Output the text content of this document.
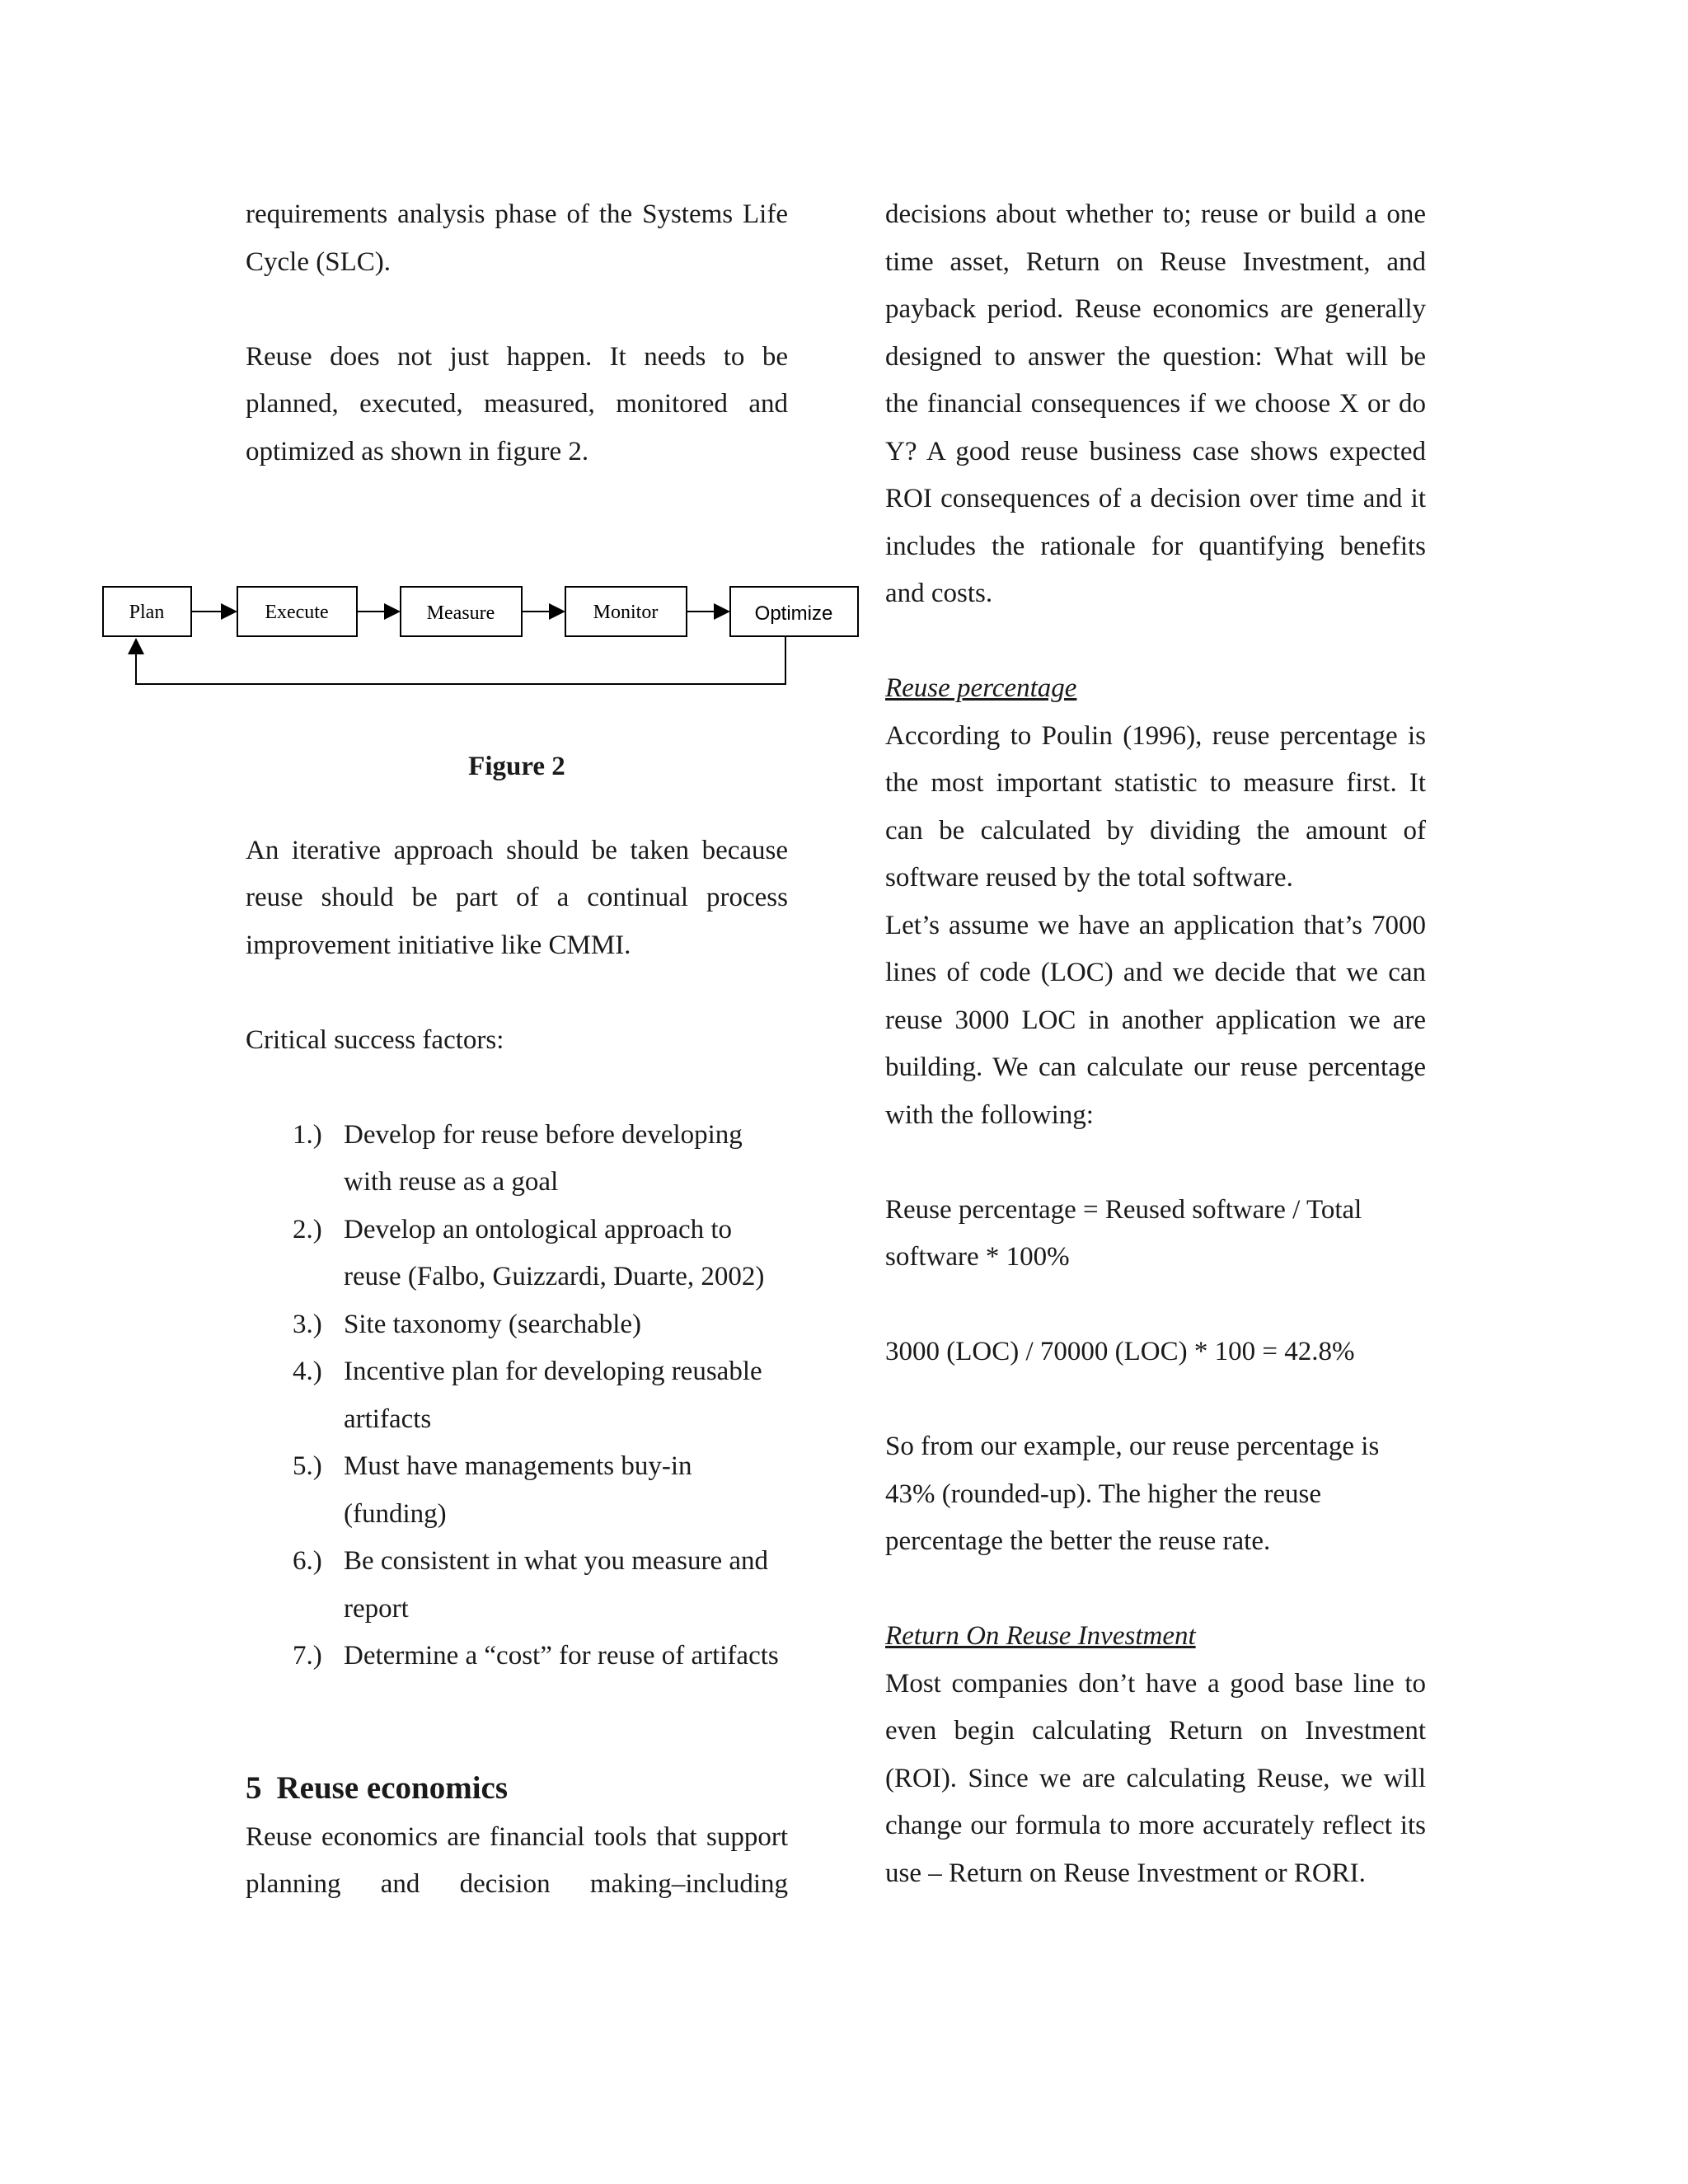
requirements analysis phase of the Systems Life Cycle (SLC).

Reuse does not just happen. It needs to be planned, executed, measured, monitored and optimized as shown in figure 2.

Figure 2

An iterative approach should be taken because reuse should be part of a continual process improvement initiative like CMMI.

Critical success factors:

1.) Develop for reuse before developing with reuse as a goal
2.) Develop an ontological approach to reuse (Falbo, Guizzardi, Duarte, 2002)
3.) Site taxonomy (searchable)
4.) Incentive plan for developing reusable artifacts
5.) Must have managements buy-in (funding)
6.) Be consistent in what you measure and report
7.) Determine a “cost” for reuse of artifacts
5 Reuse economics

Reuse economics are financial tools that support planning and decision making–including

Plan	Execute	Measure	Monitor	Optimize

decisions about whether to; reuse or build a one time asset, Return on Reuse Investment, and payback period. Reuse economics are generally designed to answer the question: What will be the financial consequences if we choose X or do Y? A good reuse business case shows expected ROI consequences of a decision over time and it includes the rationale for quantifying benefits and costs.

Reuse percentage

According to Poulin (1996), reuse percentage is the most important statistic to measure first. It can be calculated by dividing the amount of software reused by the total software.

Let’s assume we have an application that’s 7000 lines of code (LOC) and we decide that we can reuse 3000 LOC in another application we are building. We can calculate our reuse percentage with the following:

Reuse percentage = Reused software / Total software * 100%

3000 (LOC) / 70000 (LOC) * 100 = 42.8%

So from our example, our reuse percentage is 43% (rounded-up). The higher the reuse percentage the better the reuse rate.

Return On Reuse Investment

Most companies don’t have a good base line to even begin calculating Return on Investment (ROI). Since we are calculating Reuse, we will change our formula to more accurately reflect its use – Return on Reuse Investment or RORI.
